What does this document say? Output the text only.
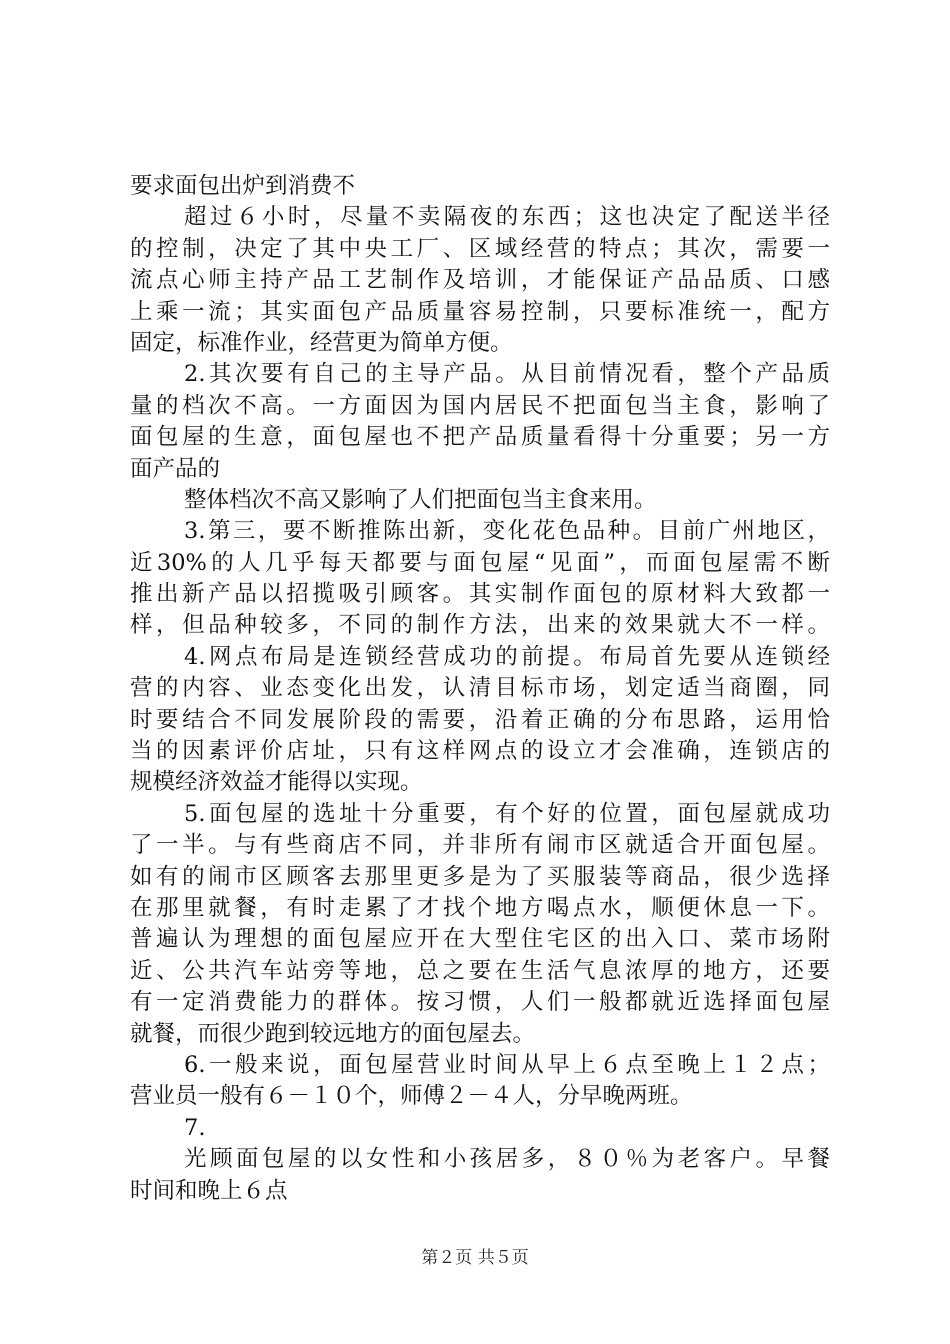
要求面包出炉到消费不
超过６小时，尽量不卖隔夜的东西；这也决定了配送半径
的控制，决定了其中央工厂、区域经营的特点；其次，需要一
流点心师主持产品工艺制作及培训，才能保证产品品质、口感
上乘一流；其实面包产品质量容易控制，只要标准统一，配方
固定，标准作业，经营更为简单方便。
2.其次要有自己的主导产品。从目前情况看，整个产品质
量的档次不高。一方面因为国内居民不把面包当主食，影响了
面包屋的生意，面包屋也不把产品质量看得十分重要；另一方
面产品的
整体档次不高又影响了人们把面包当主食来用。
3.第三，要不断推陈出新，变化花色品种。目前广州地区，
近30%的人几乎每天都要与面包屋“见面”，而面包屋需不断
推出新产品以招揽吸引顾客。其实制作面包的原材料大致都一
样，但品种较多，不同的制作方法，出来的效果就大不一样。
4.网点布局是连锁经营成功的前提。布局首先要从连锁经
营的内容、业态变化出发，认清目标市场，划定适当商圈，同
时要结合不同发展阶段的需要，沿着正确的分布思路，运用恰
当的因素评价店址，只有这样网点的设立才会准确，连锁店的
规模经济效益才能得以实现。
5.面包屋的选址十分重要，有个好的位置，面包屋就成功
了一半。与有些商店不同，并非所有闹市区就适合开面包屋。
如有的闹市区顾客去那里更多是为了买服装等商品，很少选择
在那里就餐，有时走累了才找个地方喝点水，顺便休息一下。
普遍认为理想的面包屋应开在大型住宅区的出入口、菜市场附
近、公共汽车站旁等地，总之要在生活气息浓厚的地方，还要
有一定消费能力的群体。按习惯，人们一般都就近选择面包屋
就餐，而很少跑到较远地方的面包屋去。
6.一般来说，面包屋营业时间从早上６点至晚上１２点；
营业员一般有６－１０个，师傅２－４人，分早晚两班。
7.
光顾面包屋的以女性和小孩居多，８０％为老客户。早餐
时间和晚上６点
第２页 共５页
